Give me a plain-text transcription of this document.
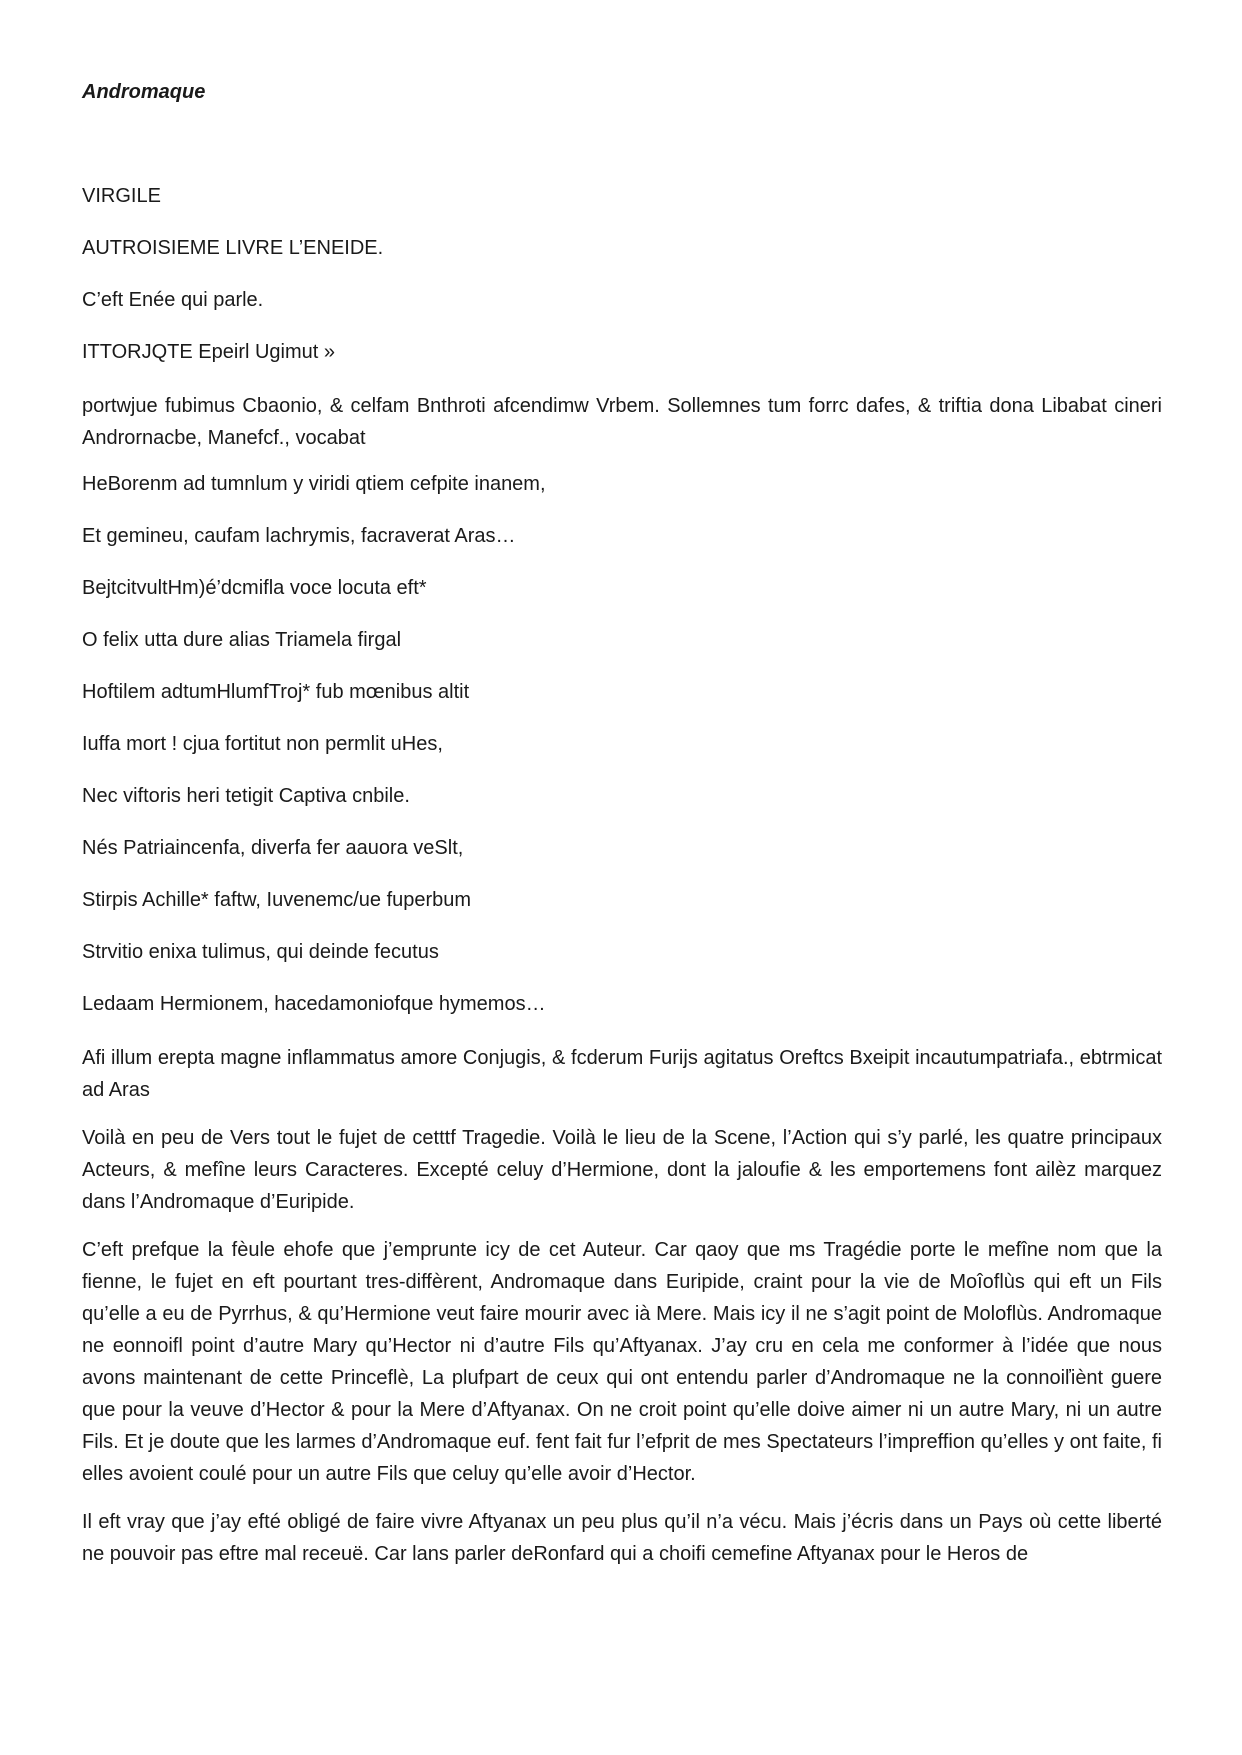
Andromaque
VIRGILE
AUTROISIEME LIVRE L’ENEIDE.
C’eft Enée qui parle.
ITTORJQTE Epeirl Ugimut »
portwjue fubimus Cbaonio, & celfam Bnthroti afcendimw Vrbem. Sollemnes tum forrc dafes, & triftia dona Libabat cineri Andrornacbe, Manefcf., vocabat
HeBorenm ad tumnlum y viridi qtiem cefpite inanem,
Et gemineu, caufam lachrymis, facraverat Aras…
BejtcitvultHm)é’dcmifla voce locuta eft*
O felix utta dure alias Triamela firgal
Hoftilem adtumHlumfTroj* fub mœnibus altit
Iuffa mort ! cjua fortitut non permlit uHes,
Nec viftoris heri tetigit Captiva cnbile.
Nés Patriaincenfa, diverfa fer aauora veSlt,
Stirpis Achille* faftw, Iuvenemc/ue fuperbum
Strvitio enixa tulimus, qui deinde fecutus
Ledaam Hermionem, hacedamoniofque hymemos…
Afi illum erepta magne inflammatus amore Conjugis, & fcderum Furijs agitatus Oreftcs Bxeipit incautumpatriafa., ebtrmicat ad Aras
Voilà en peu de Vers tout le fujet de cetttf Tragedie. Voilà le lieu de la Scene, l’Action qui s’y parlé, les quatre principaux Acteurs, & mefîne leurs Caracteres. Excepté celuy d’Hermione, dont la jaloufie & les emportemens font ailèz marquez dans l’Andromaque d’Euripide.
C’eft prefque la fèule ehofe que j’emprunte icy de cet Auteur. Car qaoy que ms Tragédie porte le mefîne nom que la fienne, le fujet en eft pourtant tres-diffèrent, Andromaque dans Euripide, craint pour la vie de Moîoflùs qui eft un Fils qu’elle a eu de Pyrrhus, & qu’Hermione veut faire mourir avec ià Mere. Mais icy il ne s’agit point de Moloflùs. Andromaque ne eonnoifl point d’autre Mary qu’Hector ni d’autre Fils qu’Aftyanax. J’ay cru en cela me conformer à l’idée que nous avons maintenant de cette Princeflè, La plufpart de ceux qui ont entendu parler d’Andromaque ne la connoiľiènt guere que pour la veuve d’Hector & pour la Mere d’Aftyanax. On ne croit point qu’elle doive aimer ni un autre Mary, ni un autre Fils. Et je doute que les larmes d’Andromaque euf. fent fait fur l’efprit de mes Spectateurs l’impreffion qu’elles y ont faite, fi elles avoient coulé pour un autre Fils que celuy qu’elle avoir d’Hector.
Il eft vray que j’ay efté obligé de faire vivre Aftyanax un peu plus qu’il n’a vécu. Mais j’écris dans un Pays où cette liberté ne pouvoir pas eftre mal receuë. Car lans parler deRonfard qui a choifi cemefine Aftyanax pour le Heros de
